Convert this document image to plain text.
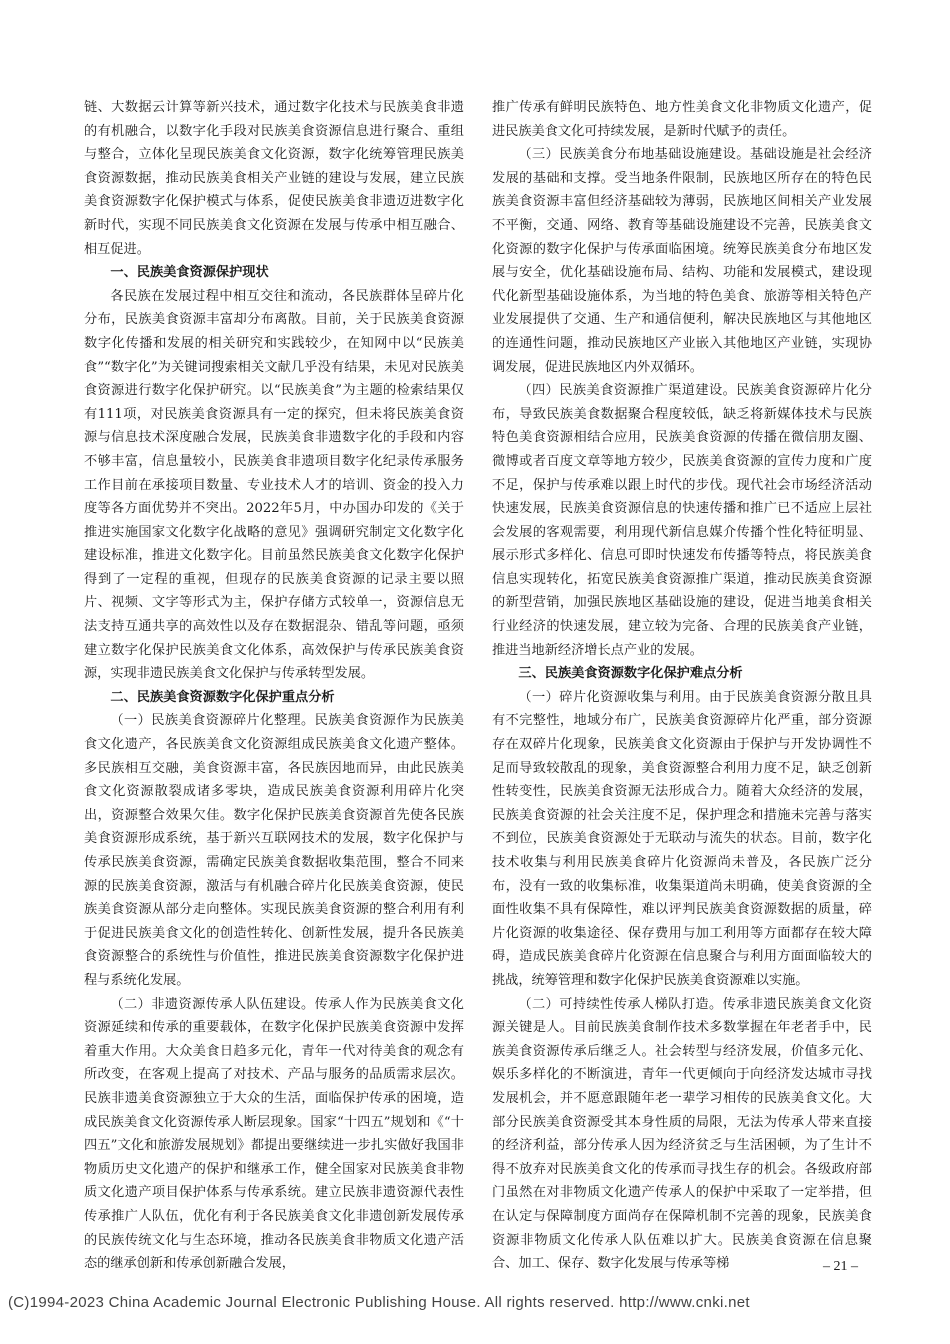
链、大数据云计算等新兴技术，通过数字化技术与民族美食非遗的有机融合，以数字化手段对民族美食资源信息进行聚合、重组与整合，立体化呈现民族美食文化资源，数字化统筹管理民族美食资源数据，推动民族美食相关产业链的建设与发展，建立民族美食资源数字化保护模式与体系，促使民族美食非遗迈进数字化新时代，实现不同民族美食文化资源在发展与传承中相互融合、相互促进。

一、民族美食资源保护现状

各民族在发展过程中相互交往和流动，各民族群体呈碎片化分布，民族美食资源丰富却分布离散。目前，关于民族美食资源数字化传播和发展的相关研究和实践较少，在知网中以“民族美食”“数字化”为关键词搜索相关文献几乎没有结果，未见对民族美食资源进行数字化保护研究。以“民族美食”为主题的检索结果仅有111项，对民族美食资源具有一定的探究，但未将民族美食资源与信息技术深度融合发展，民族美食非遗数字化的手段和内容不够丰富，信息量较小，民族美食非遗项目数字化纪录传承服务工作目前在承接项目数量、专业技术人才的培训、资金的投入力度等各方面优势并不突出。2022年5月，中办国办印发的《关于推进实施国家文化数字化战略的意见》强调研究制定文化数字化建设标准，推进文化数字化。目前虽然民族美食文化数字化保护得到了一定程的重视，但现存的民族美食资源的记录主要以照片、视频、文字等形式为主，保护存储方式较单一，资源信息无法支持互通共享的高效性以及存在数据混杂、错乱等问题，亟须建立数字化保护民族美食文化体系，高效保护与传承民族美食资源，实现非遗民族美食文化保护与传承转型发展。

二、民族美食资源数字化保护重点分析

（一）民族美食资源碎片化整理。民族美食资源作为民族美食文化遗产，各民族美食文化资源组成民族美食文化遗产整体。多民族相互交融，美食资源丰富，各民族因地而异，由此民族美食文化资源散裂成诸多零块，造成民族美食资源利用碎片化突出，资源整合效果欠佳。数字化保护民族美食资源首先使各民族美食资源形成系统，基于新兴互联网技术的发展，数字化保护与传承民族美食资源，需确定民族美食数据收集范围，整合不同来源的民族美食资源，激活与有机融合碎片化民族美食资源，使民族美食资源从部分走向整体。实现民族美食资源的整合利用有利于促进民族美食文化的创造性转化、创新性发展，提升各民族美食资源整合的系统性与价值性，推进民族美食资源数字化保护进程与系统化发展。

（二）非遗资源传承人队伍建设。传承人作为民族美食文化资源延续和传承的重要载体，在数字化保护民族美食资源中发挥着重大作用。大众美食日趋多元化，青年一代对待美食的观念有所改变，在客观上提高了对技术、产品与服务的品质需求层次。民族非遗美食资源独立于大众的生活，面临保护传承的困境，造成民族美食文化资源传承人断层现象。国家“十四五”规划和《“十四五”文化和旅游发展规划》都提出要继续进一步扎实做好我国非物质历史文化遗产的保护和继承工作，健全国家对民族美食非物质文化遗产项目保护体系与传承系统。建立民族非遗资源代表性传承推广人队伍，优化有利于各民族美食文化非遗创新发展传承的民族传统文化与生态环境，推动各民族美食非物质文化遗产活态的继承创新和传承创新融合发展，

推广传承有鲜明民族特色、地方性美食文化非物质文化遗产，促进民族美食文化可持续发展，是新时代赋予的责任。

（三）民族美食分布地基础设施建设。基础设施是社会经济发展的基础和支撑。受当地条件限制，民族地区所存在的特色民族美食资源丰富但经济基础较为薄弱，民族地区间相关产业发展不平衡，交通、网络、教育等基础设施建设不完善，民族美食文化资源的数字化保护与传承面临困境。统筹民族美食分布地区发展与安全，优化基础设施布局、结构、功能和发展模式，建设现代化新型基础设施体系，为当地的特色美食、旅游等相关特色产业发展提供了交通、生产和通信便利，解决民族地区与其他地区的连通性问题，推动民族地区产业嵌入其他地区产业链，实现协调发展，促进民族地区内外双循环。

（四）民族美食资源推广渠道建设。民族美食资源碎片化分布，导致民族美食数据聚合程度较低，缺乏将新媒体技术与民族特色美食资源相结合应用，民族美食资源的传播在微信朋友圈、微博或者百度文章等地方较少，民族美食资源的宣传力度和广度不足，保护与传承难以跟上时代的步伐。现代社会市场经济活动快速发展，民族美食资源信息的快速传播和推广已不适应上层社会发展的客观需要，利用现代新信息媒介传播个性化特征明显、展示形式多样化、信息可即时快速发布传播等特点，将民族美食信息实现转化，拓宽民族美食资源推广渠道，推动民族美食资源的新型营销，加强民族地区基础设施的建设，促进当地美食相关行业经济的快速发展，建立较为完备、合理的民族美食产业链，推进当地新经济增长点产业的发展。

三、民族美食资源数字化保护难点分析

（一）碎片化资源收集与利用。由于民族美食资源分散且具有不完整性，地域分布广，民族美食资源碎片化严重，部分资源存在双碎片化现象，民族美食文化资源由于保护与开发协调性不足而导致较散乱的现象，美食资源整合利用力度不足，缺乏创新性转变性，民族美食资源无法形成合力。随着大众经济的发展，民族美食资源的社会关注度不足，保护理念和措施未完善与落实不到位，民族美食资源处于无联动与流失的状态。目前，数字化技术收集与利用民族美食碎片化资源尚未普及，各民族广泛分布，没有一致的收集标准，收集渠道尚未明确，使美食资源的全面性收集不具有保障性，难以评判民族美食资源数据的质量，碎片化资源的收集途径、保存费用与加工利用等方面都存在较大障碍，造成民族美食碎片化资源在信息聚合与利用方面面临较大的挑战，统筹管理和数字化保护民族美食资源难以实施。

（二）可持续性传承人梯队打造。传承非遗民族美食文化资源关键是人。目前民族美食制作技术多数掌握在年老者手中，民族美食资源传承后继乏人。社会转型与经济发展，价值多元化、娱乐多样化的不断演进，青年一代更倾向于向经济发达城市寻找发展机会，并不愿意跟随年老一辈学习相传的民族美食文化。大部分民族美食资源受其本身性质的局限，无法为传承人带来直接的经济利益，部分传承人因为经济贫乏与生活困顿，为了生计不得不放弃对民族美食文化的传承而寻找生存的机会。各级政府部门虽然在对非物质文化遗产传承人的保护中采取了一定举措，但在认定与保障制度方面尚存在保障机制不完善的现象，民族美食资源非物质文化传承人队伍难以扩大。民族美食资源在信息聚合、加工、保存、数字化发展与传承等梯	– 21 –
(C)1994-2023 China Academic Journal Electronic Publishing House. All rights reserved. http://www.cnki.net
